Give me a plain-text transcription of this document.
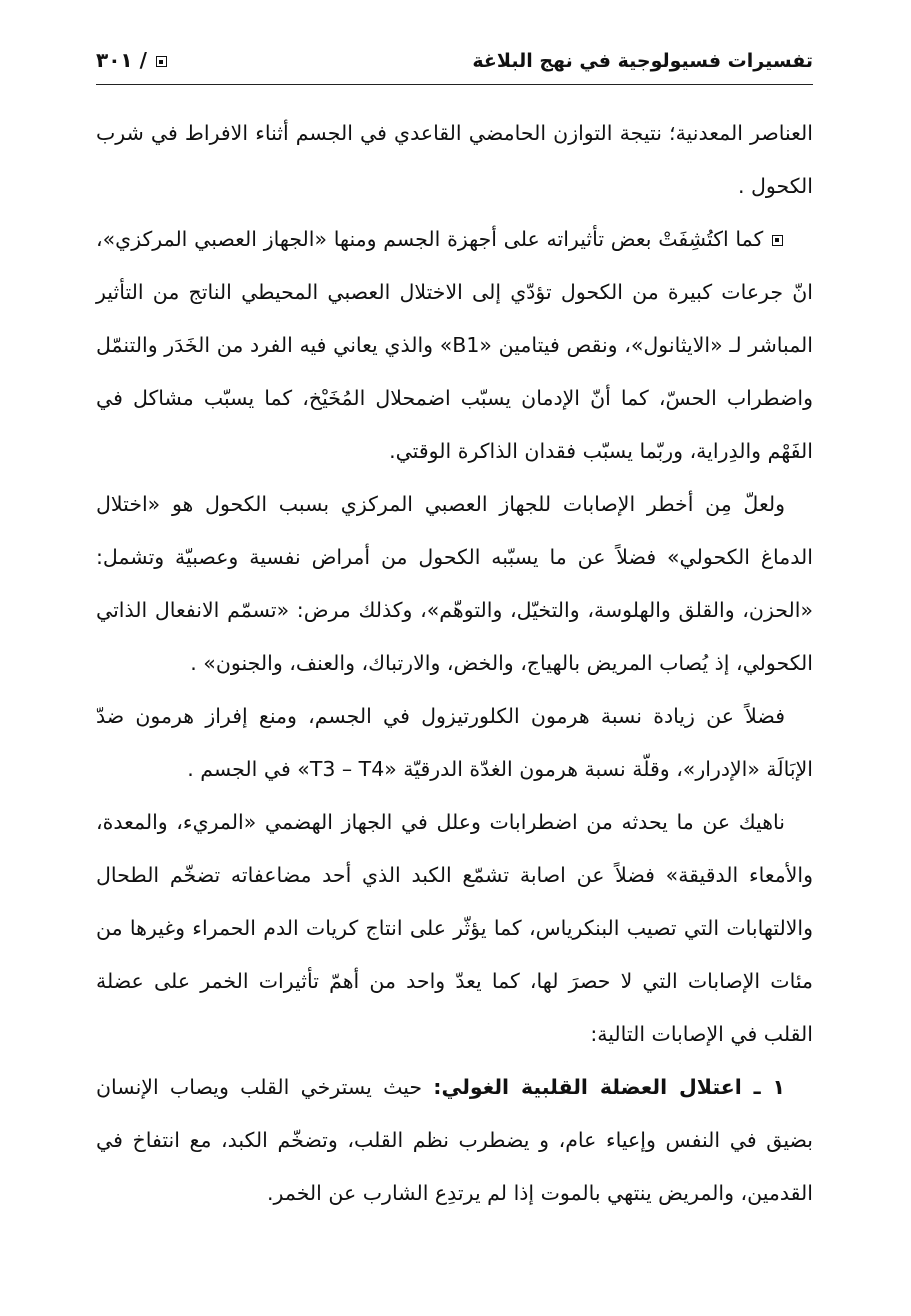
تفسيرات فسيولوجية في نهج البلاغة
/ ٣٠١

العناصر المعدنية؛ نتيجة التوازن الحامضي القاعدي في الجسم أثناء الافراط في شرب الكحول .

كما اكتُشِفَتْ بعض تأثيراته على أجهزة الجسم ومنها «الجهاز العصبي المركزي»، انّ جرعات كبيرة من الكحول تؤدّي إلى الاختلال العصبي المحيطي الناتج من التأثير المباشر لـ «الايثانول»، ونقص فيتامين «B1» والذي يعاني فيه الفرد من الخَدَر والتنمّل واضطراب الحسّ، كما أنّ الإدمان يسبّب اضمحلال المُخَيْخ، كما يسبّب مشاكل في الفَهْم والدِراية، وربّما يسبّب فقدان الذاكرة الوقتي.

ولعلّ مِن أخطر الإصابات للجهاز العصبي المركزي بسبب الكحول هو «اختلال الدماغ الكحولي» فضلاً عن ما يسبّبه الكحول من أمراض نفسية وعصبيّة وتشمل: «الحزن، والقلق والهلوسة، والتخيّل، والتوهّم»، وكذلك مرض: «تسمّم الانفعال الذاتي الكحولي، إذ يُصاب المريض بالهياج، والخض، والارتباك، والعنف، والجنون» .

فضلاً عن زيادة نسبة هرمون الكلورتيزول في الجسم، ومنع إفراز هرمون ضدّ الإبَالَة «الإدرار»، وقلّة نسبة هرمون الغدّة الدرقيّة «T3 – T4» في الجسم .

ناهيك عن ما يحدثه من اضطرابات وعلل في الجهاز الهضمي «المريء، والمعدة، والأمعاء الدقيقة» فضلاً عن اصابة تشمّع الكبد الذي أحد مضاعفاته تضخّم الطحال والالتهابات التي تصيب البنكرياس، كما يؤثّر على انتاج كريات الدم الحمراء وغيرها من مئات الإصابات التي لا حصرَ لها، كما يعدّ واحد من أهمّ تأثيرات الخمر على عضلة القلب في الإصابات التالية:

١ ـ اعتلال العضلة القلبية الغولي: حيث يسترخي القلب ويصاب الإنسان بضيق في النفس وإعياء عام، و يضطرب نظم القلب، وتضخّم الكبد، مع انتفاخ في القدمين، والمريض ينتهي بالموت إذا لم يرتدِع الشارب عن الخمر.
